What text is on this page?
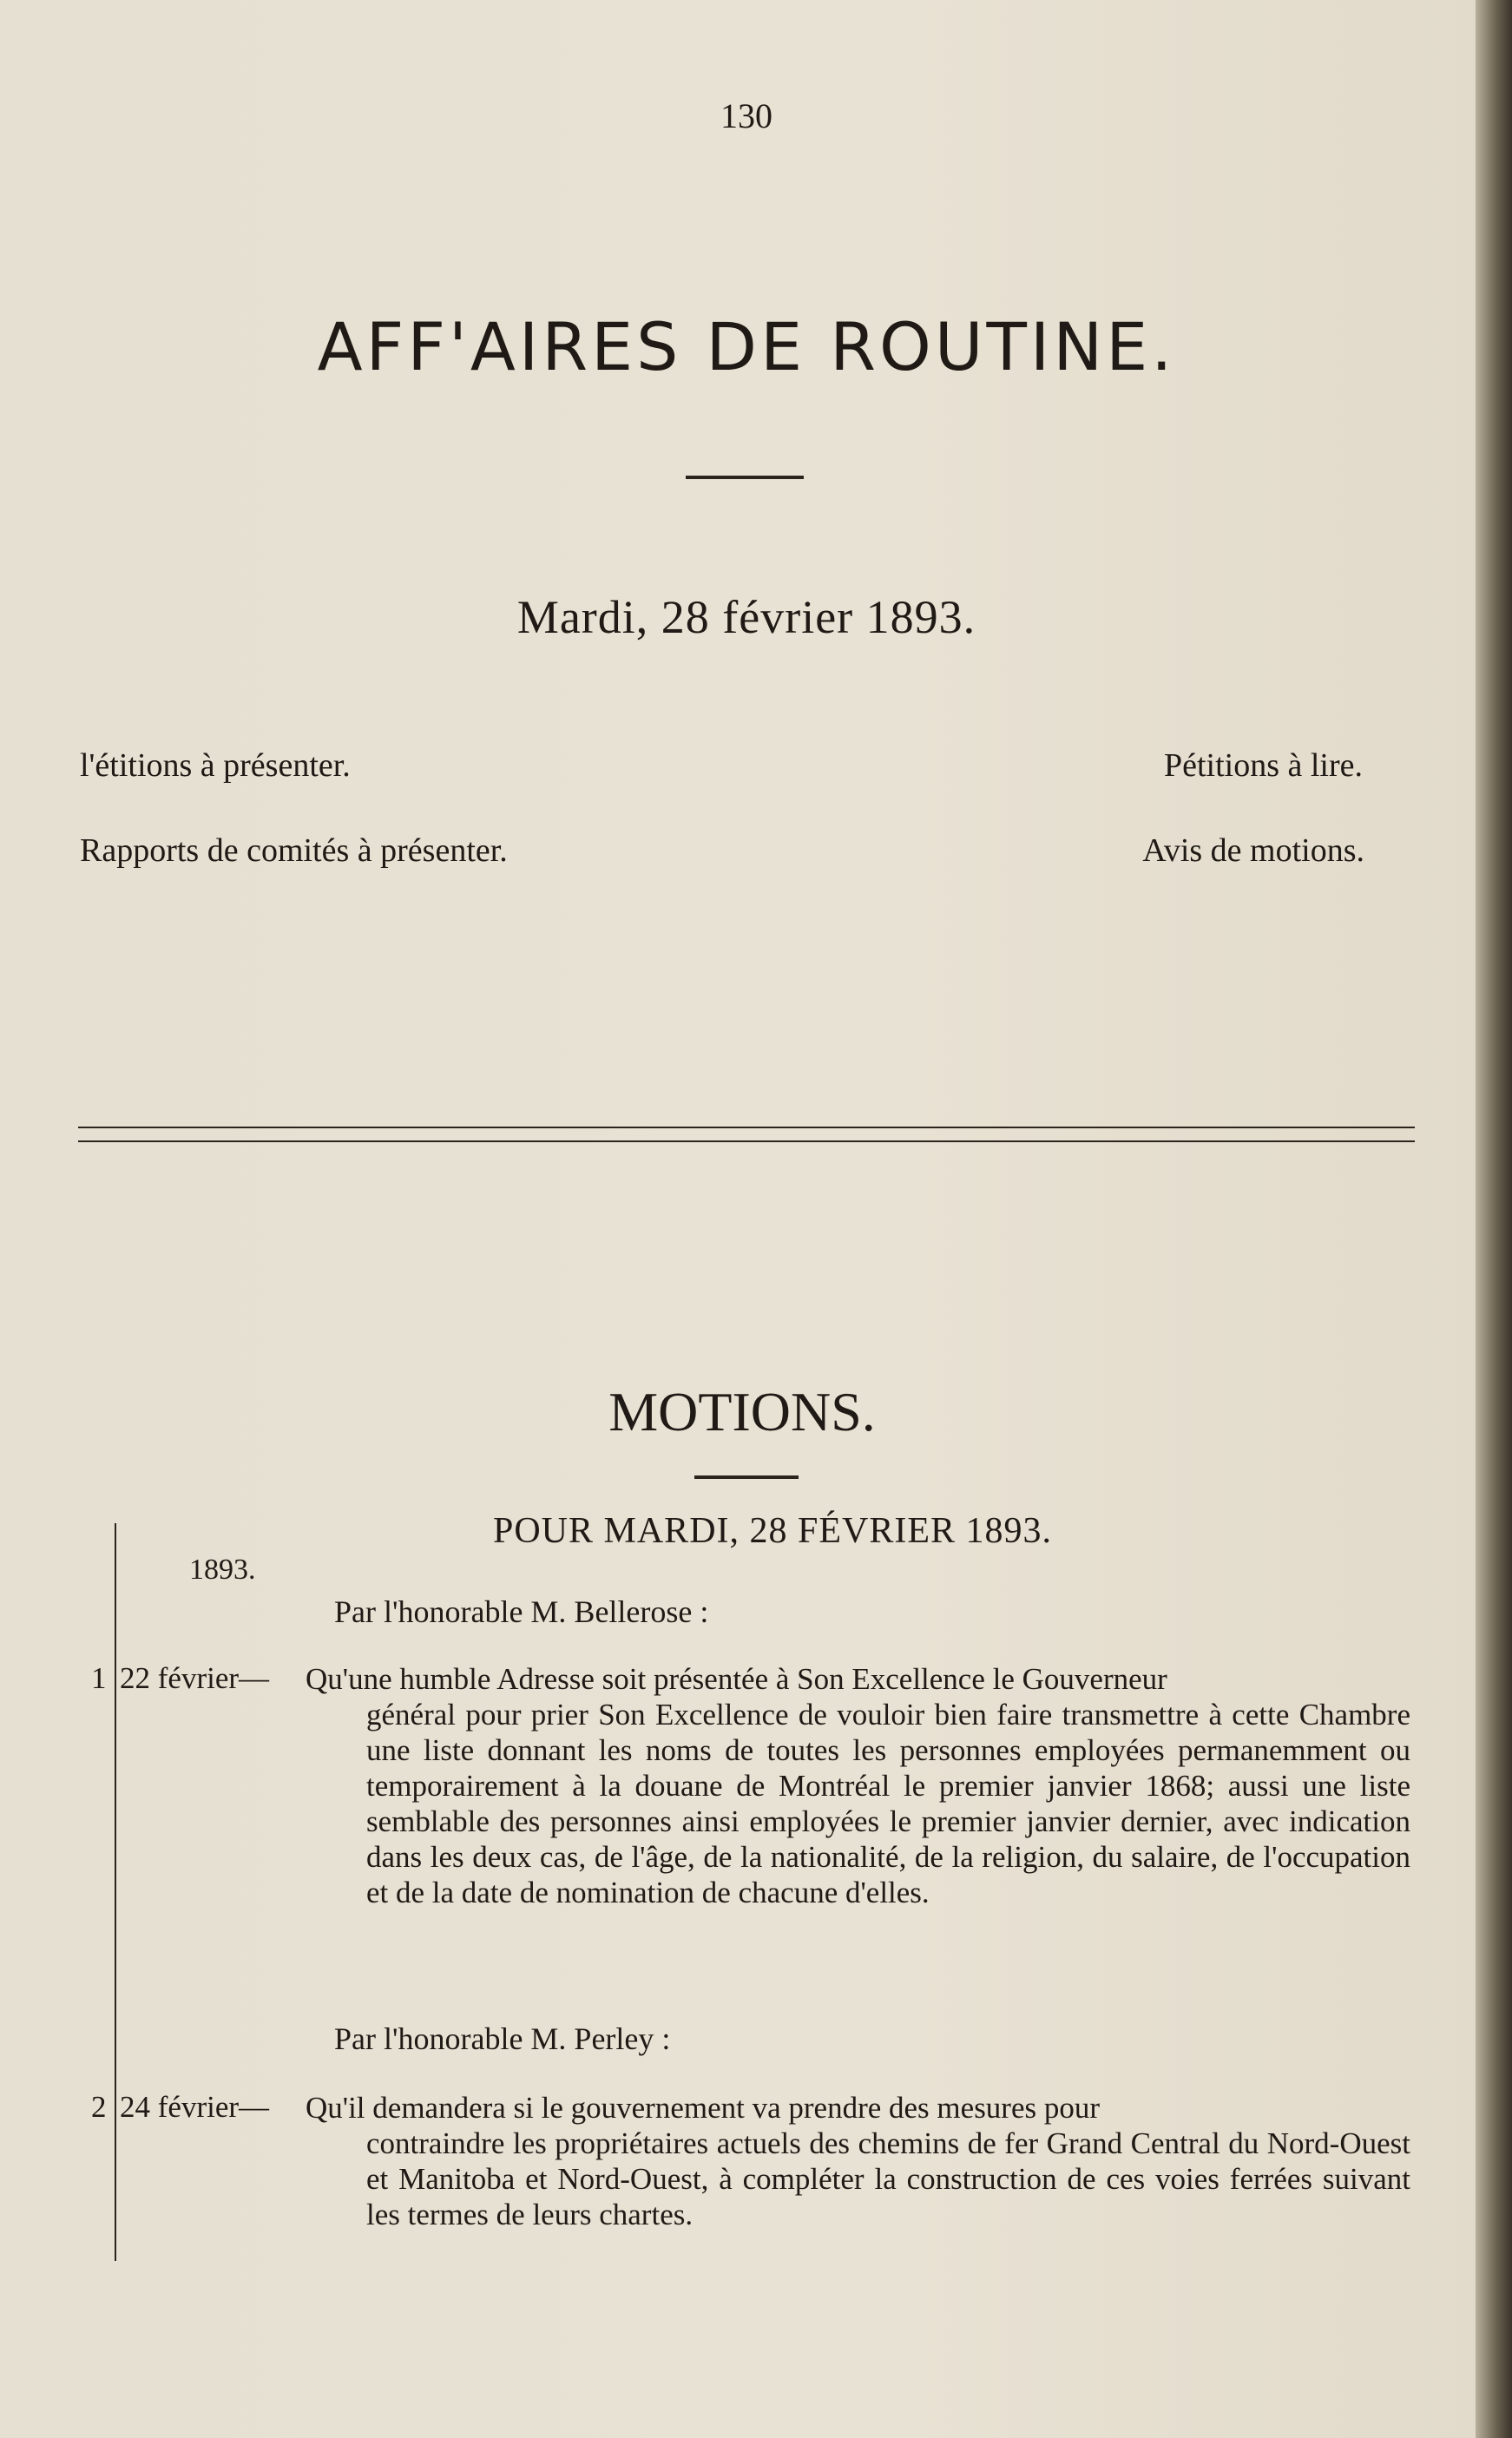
130
AFF'AIRES DE ROUTINE.
Mardi, 28 février 1893.
l'étitions à présenter.	Pétitions à lire.
Rapports de comités à présenter.	Avis de motions.
MOTIONS.
POUR MARDI, 28 FÉVRIER 1893.
1893.
Par l'honorable M. Bellerose :
1 22 février— Qu'une humble Adresse soit présentée à Son Excellence le Gouverneur
général pour prier Son Excellence de vouloir bien faire transmettre à cette Chambre une liste donnant les noms de toutes les personnes employées permanemment ou temporairement à la douane de Montréal le premier janvier 1868; aussi une liste semblable des personnes ainsi employées le premier janvier dernier, avec indication dans les deux cas, de l'âge, de la nationalité, de la religion, du salaire, de l'occupation et de la date de nomination de chacune d'elles.
Par l'honorable M. Perley :
2 24 février— Qu'il demandera si le gouvernement va prendre des mesures pour
contraindre les propriétaires actuels des chemins de fer Grand Central du Nord-Ouest et Manitoba et Nord-Ouest, à compléter la construction de ces voies ferrées suivant les termes de leurs chartes.
